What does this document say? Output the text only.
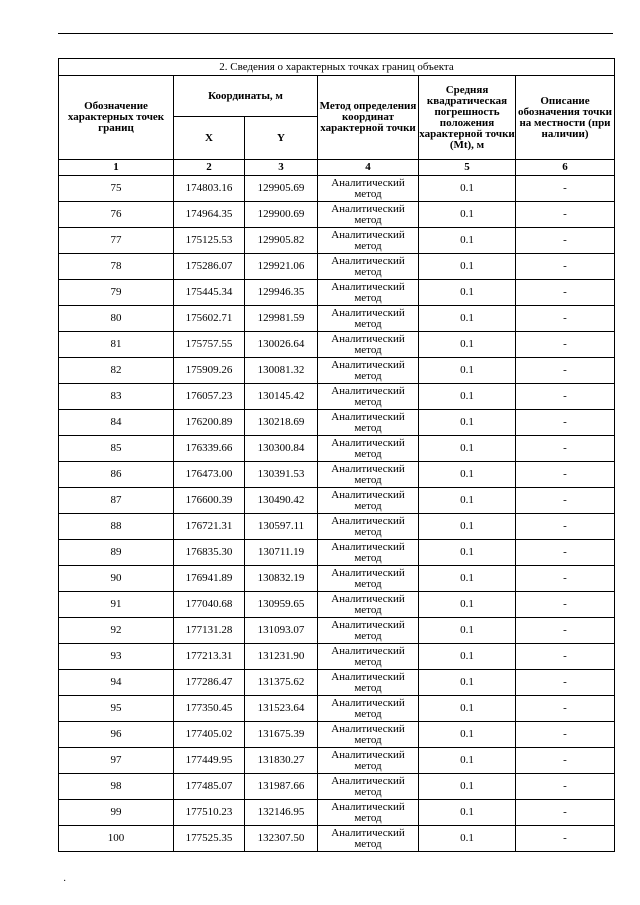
2. Сведения о характерных точках границ объекта					
Обозначение характерных точек границ	Координаты, м		Метод определения координат характерной точки	Средняя квадратическая погрешность положения характерной точки (Mt), м	Описание обозначения точки на местности (при наличии)
	X	Y			
1	2	3	4	5	6
75	174803.16	129905.69	Аналитический метод	0.1	-
76	174964.35	129900.69	Аналитический метод	0.1	-
77	175125.53	129905.82	Аналитический метод	0.1	-
78	175286.07	129921.06	Аналитический метод	0.1	-
79	175445.34	129946.35	Аналитический метод	0.1	-
80	175602.71	129981.59	Аналитический метод	0.1	-
81	175757.55	130026.64	Аналитический метод	0.1	-
82	175909.26	130081.32	Аналитический метод	0.1	-
83	176057.23	130145.42	Аналитический метод	0.1	-
84	176200.89	130218.69	Аналитический метод	0.1	-
85	176339.66	130300.84	Аналитический метод	0.1	-
86	176473.00	130391.53	Аналитический метод	0.1	-
87	176600.39	130490.42	Аналитический метод	0.1	-
88	176721.31	130597.11	Аналитический метод	0.1	-
89	176835.30	130711.19	Аналитический метод	0.1	-
90	176941.89	130832.19	Аналитический метод	0.1	-
91	177040.68	130959.65	Аналитический метод	0.1	-
92	177131.28	131093.07	Аналитический метод	0.1	-
93	177213.31	131231.90	Аналитический метод	0.1	-
94	177286.47	131375.62	Аналитический метод	0.1	-
95	177350.45	131523.64	Аналитический метод	0.1	-
96	177405.02	131675.39	Аналитический метод	0.1	-
97	177449.95	131830.27	Аналитический метод	0.1	-
98	177485.07	131987.66	Аналитический метод	0.1	-
99	177510.23	132146.95	Аналитический метод	0.1	-
100	177525.35	132307.50	Аналитический метод	0.1	-
·
